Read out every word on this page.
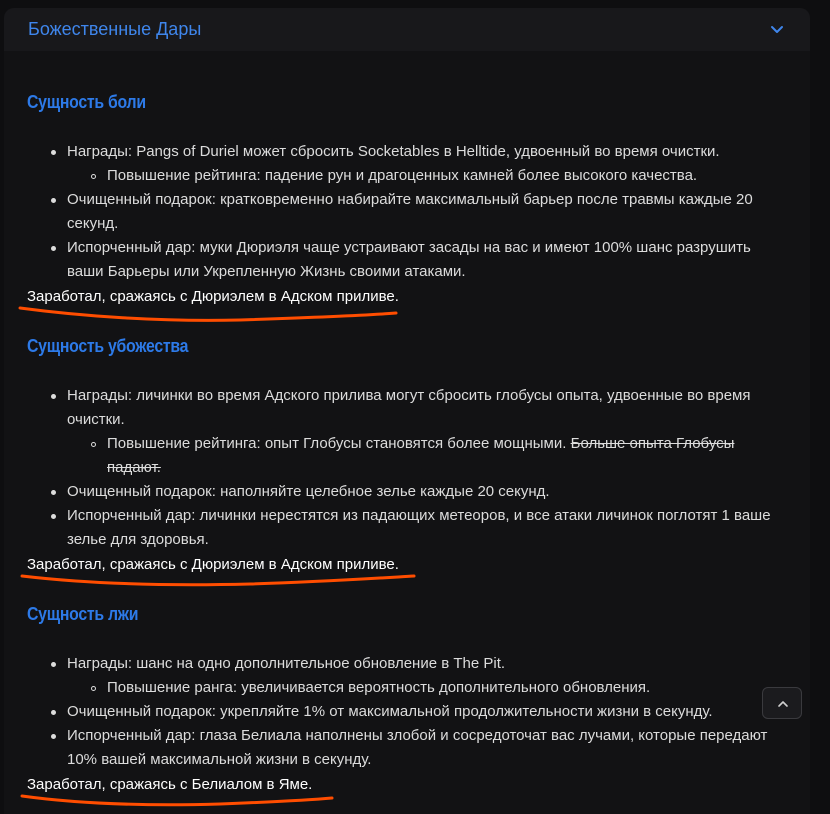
Божественные Дары
Сущность боли
Награды: Pangs of Duriel может сбросить Socketables в Helltide, удвоенный во время очистки.
Повышение рейтинга: падение рун и драгоценных камней более высокого качества.
Очищенный подарок: кратковременно набирайте максимальный барьер после травмы каждые 20
секунд.
Испорченный дар: муки Дюриэля чаще устраивают засады на вас и имеют 100% шанс разрушить
ваши Барьеры или Укрепленную Жизнь своими атаками.
Заработал, сражаясь с Дюриэлем в Адском приливе.
Сущность убожества
Награды: личинки во время Адского прилива могут сбросить глобусы опыта, удвоенные во время
очистки.
Повышение рейтинга: опыт Глобусы становятся более мощными. Больше опыта Глобусы
падают.
Очищенный подарок: наполняйте целебное зелье каждые 20 секунд.
Испорченный дар: личинки нерестятся из падающих метеоров, и все атаки личинок поглотят 1 ваше
зелье для здоровья.
Заработал, сражаясь с Дюриэлем в Адском приливе.
Сущность лжи
Награды: шанс на одно дополнительное обновление в The Pit.
Повышение ранга: увеличивается вероятность дополнительного обновления.
Очищенный подарок: укрепляйте 1% от максимальной продолжительности жизни в секунду.
Испорченный дар: глаза Белиала наполнены злобой и сосредоточат вас лучами, которые передают
10% вашей максимальной жизни в секунду.
Заработал, сражаясь с Белиалом в Яме.
